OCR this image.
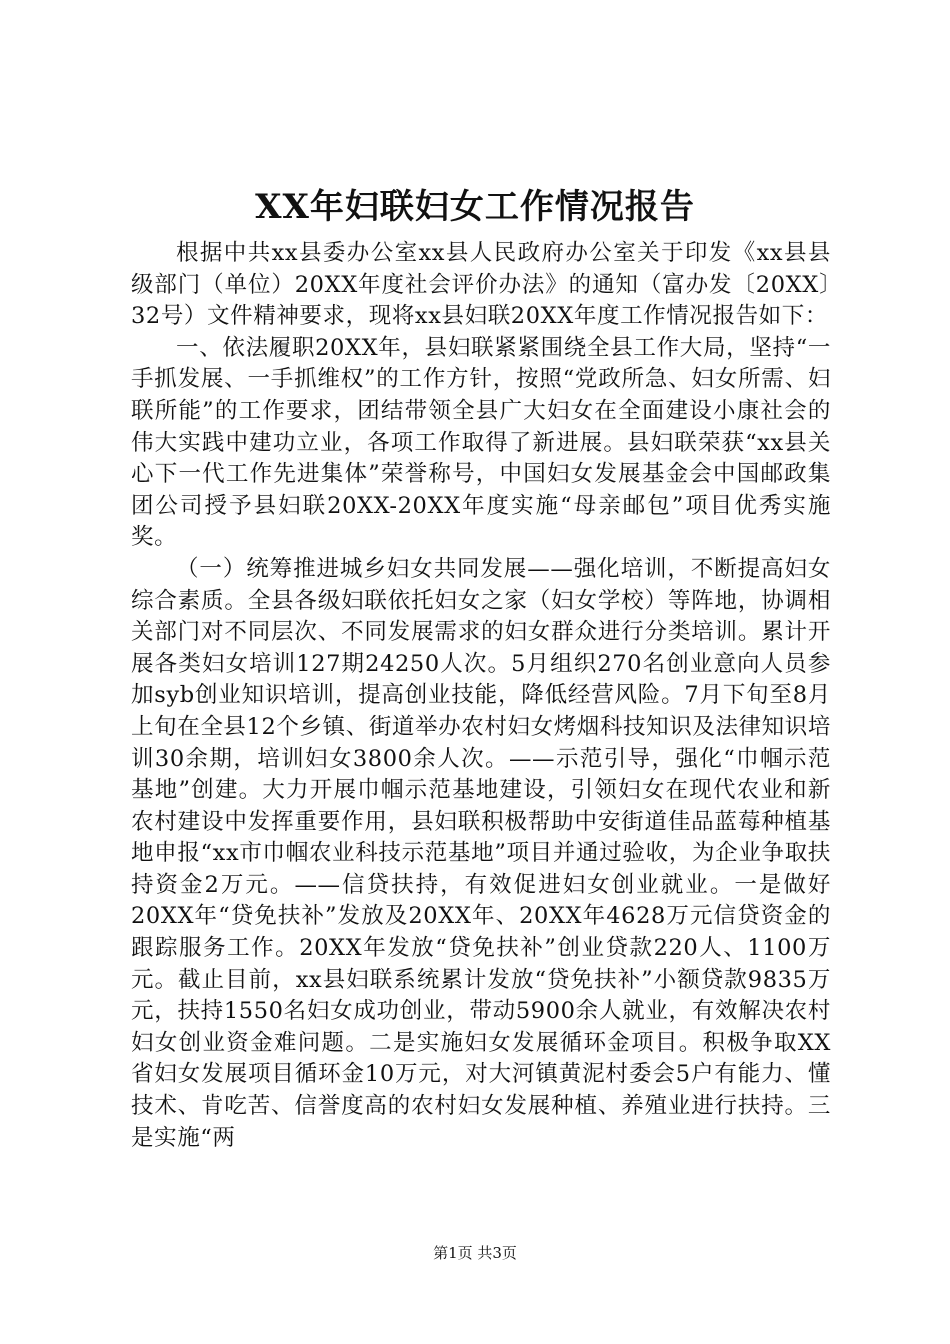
XX年妇联妇女工作情况报告

根据中共xx县委办公室xx县人民政府办公室关于印发《xx县县级部门（单位）20XX年度社会评价办法》的通知（富办发〔20XX〕32号）文件精神要求，现将xx县妇联20XX年度工作情况报告如下：

一、依法履职20XX年，县妇联紧紧围绕全县工作大局，坚持“一手抓发展、一手抓维权”的工作方针，按照“党政所急、妇女所需、妇联所能”的工作要求，团结带领全县广大妇女在全面建设小康社会的伟大实践中建功立业，各项工作取得了新进展。县妇联荣获“xx县关心下一代工作先进集体”荣誉称号，中国妇女发展基金会中国邮政集团公司授予县妇联20XX-20XX年度实施“母亲邮包”项目优秀实施奖。

（一）统筹推进城乡妇女共同发展——强化培训，不断提高妇女综合素质。全县各级妇联依托妇女之家（妇女学校）等阵地，协调相关部门对不同层次、不同发展需求的妇女群众进行分类培训。累计开展各类妇女培训127期24250人次。5月组织270名创业意向人员参加syb创业知识培训，提高创业技能，降低经营风险。7月下旬至8月上旬在全县12个乡镇、街道举办农村妇女烤烟科技知识及法律知识培训30余期，培训妇女3800余人次。——示范引导，强化“巾帼示范基地”创建。大力开展巾帼示范基地建设，引领妇女在现代农业和新农村建设中发挥重要作用，县妇联积极帮助中安街道佳品蓝莓种植基地申报“xx市巾帼农业科技示范基地”项目并通过验收，为企业争取扶持资金2万元。——信贷扶持，有效促进妇女创业就业。一是做好20XX年“贷免扶补”发放及20XX年、20XX年4628万元信贷资金的跟踪服务工作。20XX年发放“贷免扶补”创业贷款220人、1100万元。截止目前，xx县妇联系统累计发放“贷免扶补”小额贷款9835万元，扶持1550名妇女成功创业，带动5900余人就业，有效解决农村妇女创业资金难问题。二是实施妇女发展循环金项目。积极争取XX省妇女发展项目循环金10万元，对大河镇黄泥村委会5户有能力、懂技术、肯吃苦、信誉度高的农村妇女发展种植、养殖业进行扶持。三是实施“两

第1页 共3页
